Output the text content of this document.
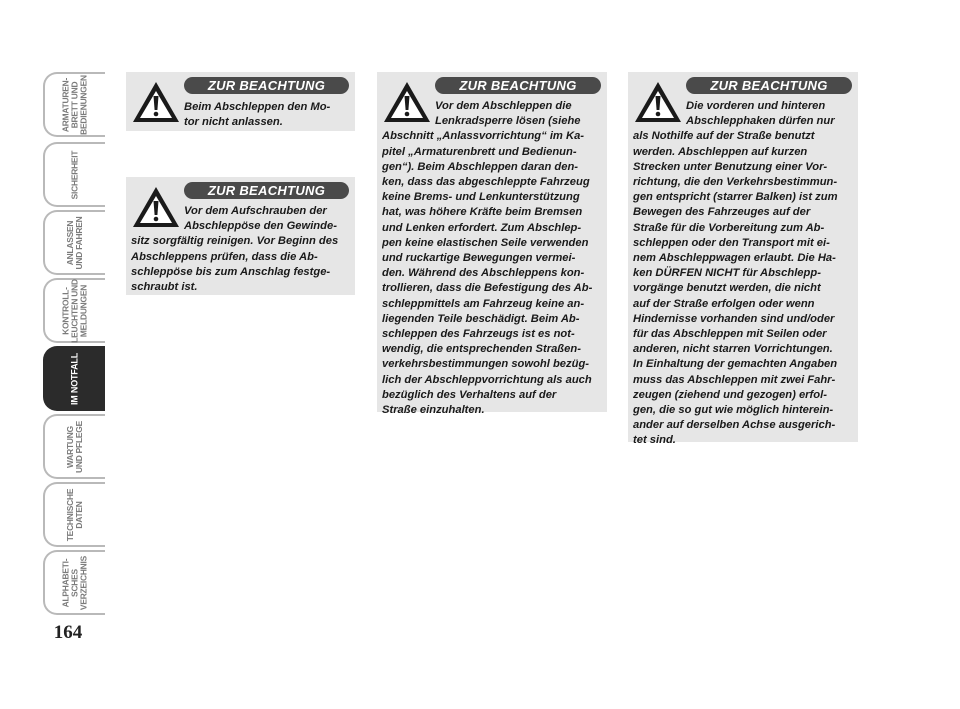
ARMATUREN- BRETT UND BEDIENUNGEN
SICHERHEIT
ANLASSEN UND FAHREN
KONTROLL- LEUCHTEN UND MELDUNGEN
IM NOTFALL
WARTUNG UND PFLEGE
TECHNISCHE DATEN
ALPHABETI- SCHES VERZEICHNIS
164
ZUR BEACHTUNG

Beim Abschleppen den Mo-
tor nicht anlassen.

ZUR BEACHTUNG

Vor dem Aufschrauben der
Abschleppöse den Gewinde-
sitz sorgfältig reinigen. Vor Beginn des
Abschleppens prüfen, dass die Ab-
schleppöse bis zum Anschlag festge-
schraubt ist.

ZUR BEACHTUNG

Vor dem Abschleppen die
Lenkradsperre lösen (siehe
Abschnitt „Anlassvorrichtung“ im Ka-
pitel „Armaturenbrett und Bedienun-
gen“). Beim Abschleppen daran den-
ken, dass das abgeschleppte Fahrzeug
keine Brems- und Lenkunterstützung
hat, was höhere Kräfte beim Bremsen
und Lenken erfordert. Zum Abschlep-
pen keine elastischen Seile verwenden
und ruckartige Bewegungen vermei-
den. Während des Abschleppens kon-
trollieren, dass die Befestigung des Ab-
schleppmittels am Fahrzeug keine an-
liegenden Teile beschädigt. Beim Ab-
schleppen des Fahrzeugs ist es not-
wendig, die entsprechenden Straßen-
verkehrsbestimmungen sowohl bezüg-
lich der Abschleppvorrichtung als auch
bezüglich des Verhaltens auf der
Straße einzuhalten.

ZUR BEACHTUNG

Die vorderen und hinteren
Abschlepphaken dürfen nur
als Nothilfe auf der Straße benutzt
werden. Abschleppen auf kurzen
Strecken unter Benutzung einer Vor-
richtung, die den Verkehrsbestimmun-
gen entspricht (starrer Balken) ist zum
Bewegen des Fahrzeuges auf der
Straße für die Vorbereitung zum Ab-
schleppen oder den Transport mit ei-
nem Abschleppwagen erlaubt. Die Ha-
ken DÜRFEN NICHT für Abschlepp-
vorgänge benutzt werden, die nicht
auf der Straße erfolgen oder wenn
Hindernisse vorhanden sind und/oder
für das Abschleppen mit Seilen oder
anderen, nicht starren Vorrichtungen.
In Einhaltung der gemachten Angaben
muss das Abschleppen mit zwei Fahr-
zeugen (ziehend und gezogen) erfol-
gen, die so gut wie möglich hinterein-
ander auf derselben Achse ausgerich-
tet sind.
